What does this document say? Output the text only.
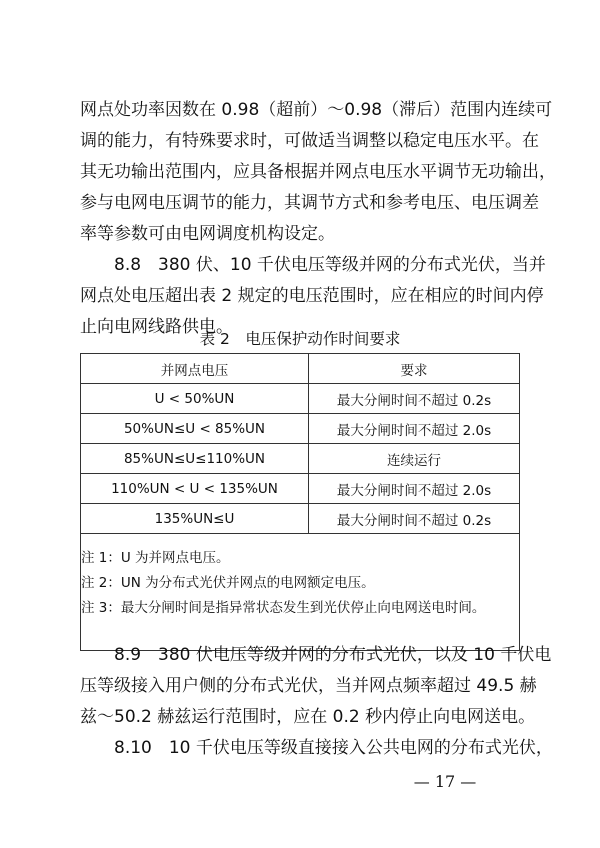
网点处功率因数在 0.98（超前）～0.98（滞后）范围内连续可
调的能力，有特殊要求时，可做适当调整以稳定电压水平。在
其无功输出范围内，应具备根据并网点电压水平调节无功输出，
参与电网电压调节的能力，其调节方式和参考电压、电压调差
率等参数可由电网调度机构设定。
8.8　380 伏、10 千伏电压等级并网的分布式光伏，当并
网点处电压超出表 2 规定的电压范围时，应在相应的时间内停
止向电网线路供电。
表 2　电压保护动作时间要求
并网点电压	要求
U < 50%UN	最大分闸时间不超过 0.2s
50%UN≤U < 85%UN	最大分闸时间不超过 2.0s
85%UN≤U≤110%UN	连续运行
110%UN < U < 135%UN	最大分闸时间不超过 2.0s
135%UN≤U	最大分闸时间不超过 0.2s

注 1：U 为并网点电压。
注 2：UN 为分布式光伏并网点的电网额定电压。
注 3：最大分闸时间是指异常状态发生到光伏停止向电网送电时间。	
8.9　380 伏电压等级并网的分布式光伏，以及 10 千伏电
压等级接入用户侧的分布式光伏，当并网点频率超过 49.5 赫
兹～50.2 赫兹运行范围时，应在 0.2 秒内停止向电网送电。
8.10　10 千伏电压等级直接接入公共电网的分布式光伏，
— 17 —
